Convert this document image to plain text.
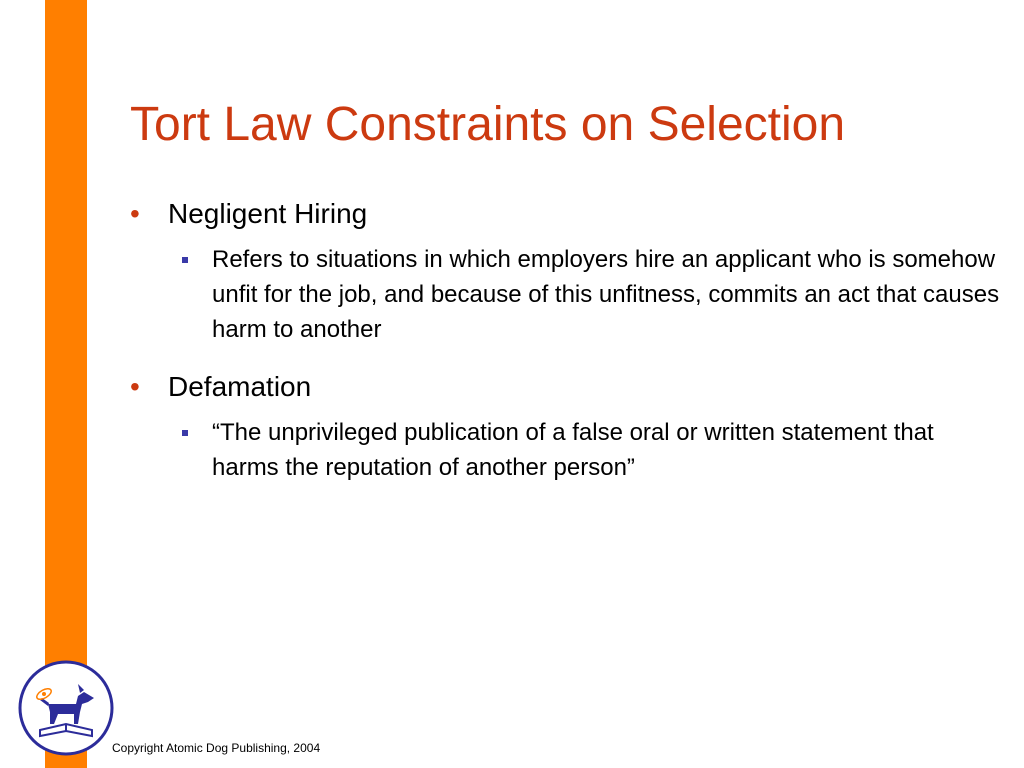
Tort Law Constraints on Selection
• Negligent Hiring
Refers to situations in which employers hire an applicant who is somehow unfit for the job, and because of this unfitness, commits an act that causes harm to another
• Defamation
“The unprivileged publication of a false oral or written statement that harms the reputation of another person”
Copyright Atomic Dog Publishing, 2004
